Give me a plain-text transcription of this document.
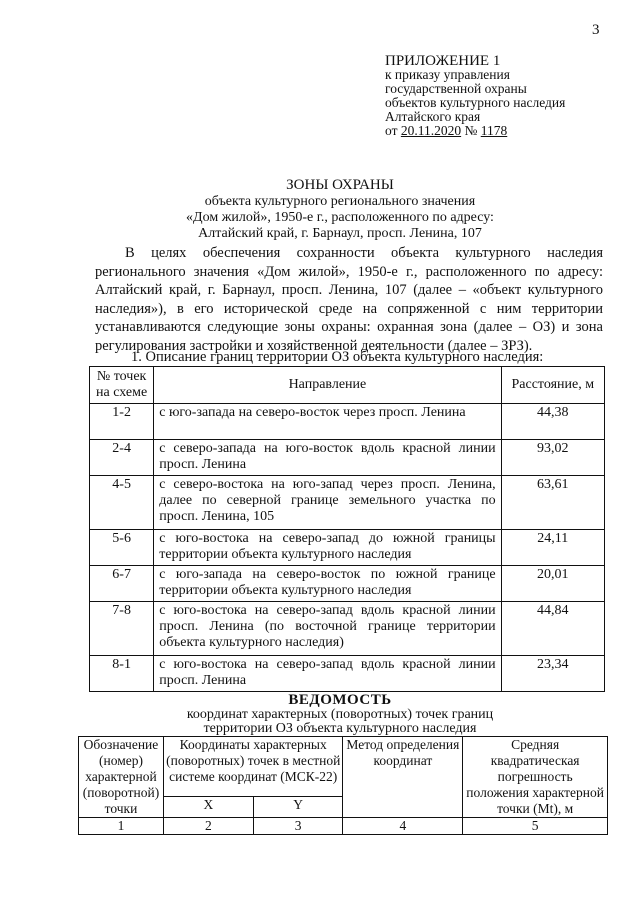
3
ПРИЛОЖЕНИЕ 1
к приказу управления
государственной охраны
объектов культурного наследия
Алтайского края
от 20.11.2020 № 1178
ЗОНЫ ОХРАНЫ
объекта культурного регионального значения
«Дом жилой», 1950-е г., расположенного по адресу:
Алтайский край, г. Барнаул, просп. Ленина, 107
В целях обеспечения сохранности объекта культурного наследия регионального значения «Дом жилой», 1950-е г., расположенного по адресу: Алтайский край, г. Барнаул, просп. Ленина, 107 (далее – «объект культурного наследия»), в его исторической среде на сопряженной с ним территории устанавливаются следующие зоны охраны: охранная зона (далее – ОЗ) и зона регулирования застройки и хозяйственной деятельности (далее – ЗРЗ).
1. Описание границ территории ОЗ объекта культурного наследия:
№ точек на схеме	Направление	Расстояние, м
1-2	с юго-запада на северо-восток через просп. Ленина	44,38
2-4	с северо-запада на юго-восток вдоль красной линии просп. Ленина	93,02
4-5	с северо-востока на юго-запад через просп. Ленина, далее по северной границе земельного участка по просп. Ленина, 105	63,61
5-6	с юго-востока на северо-запад до южной границы территории объекта культурного наследия	24,11
6-7	с юго-запада на северо-восток по южной границе территории объекта культурного наследия	20,01
7-8	с юго-востока на северо-запад вдоль красной линии просп. Ленина (по восточной границе территории объекта культурного наследия)	44,84
8-1	с юго-востока на северо-запад вдоль красной линии просп. Ленина	23,34
ВЕДОМОСТЬ
координат характерных (поворотных) точек границ
территории ОЗ объекта культурного наследия
Обозначение (номер) характерной (поворотной) точки	Координаты характерных (поворотных) точек в местной системе координат (МСК-22)		Метод определения координат	Средняя квадратическая погрешность положения характерной точки (Mt), м
	X	Y		
1	2	3	4	5
